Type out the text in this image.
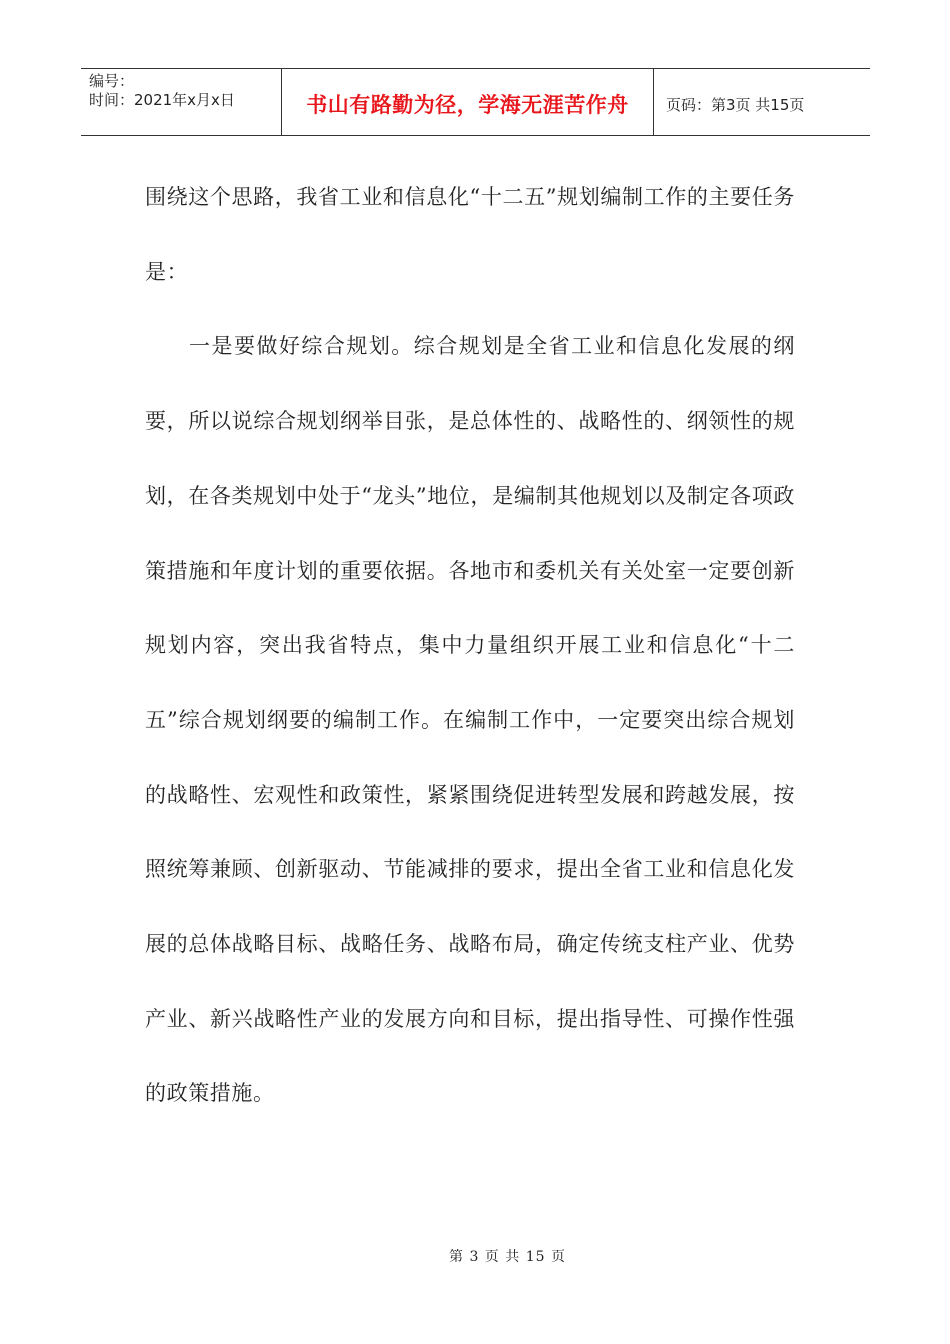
编号：
时间：2021年x月x日	书山有路勤为径，学海无涯苦作舟 页码：第3页 共15页

围绕这个思路，我省工业和信息化“十二五”规划编制工作的主要任务是：

一是要做好综合规划。综合规划是全省工业和信息化发展的纲要，所以说综合规划纲举目张，是总体性的、战略性的、纲领性的规划，在各类规划中处于“龙头”地位，是编制其他规划以及制定各项政策措施和年度计划的重要依据。各地市和委机关有关处室一定要创新规划内容，突出我省特点，集中力量组织开展工业和信息化“十二五”综合规划纲要的编制工作。在编制工作中，一定要突出综合规划的战略性、宏观性和政策性，紧紧围绕促进转型发展和跨越发展，按照统筹兼顾、创新驱动、节能减排的要求，提出全省工业和信息化发展的总体战略目标、战略任务、战略布局，确定传统支柱产业、优势产业、新兴战略性产业的发展方向和目标，提出指导性、可操作性强的政策措施。

第 3 页 共 15 页
